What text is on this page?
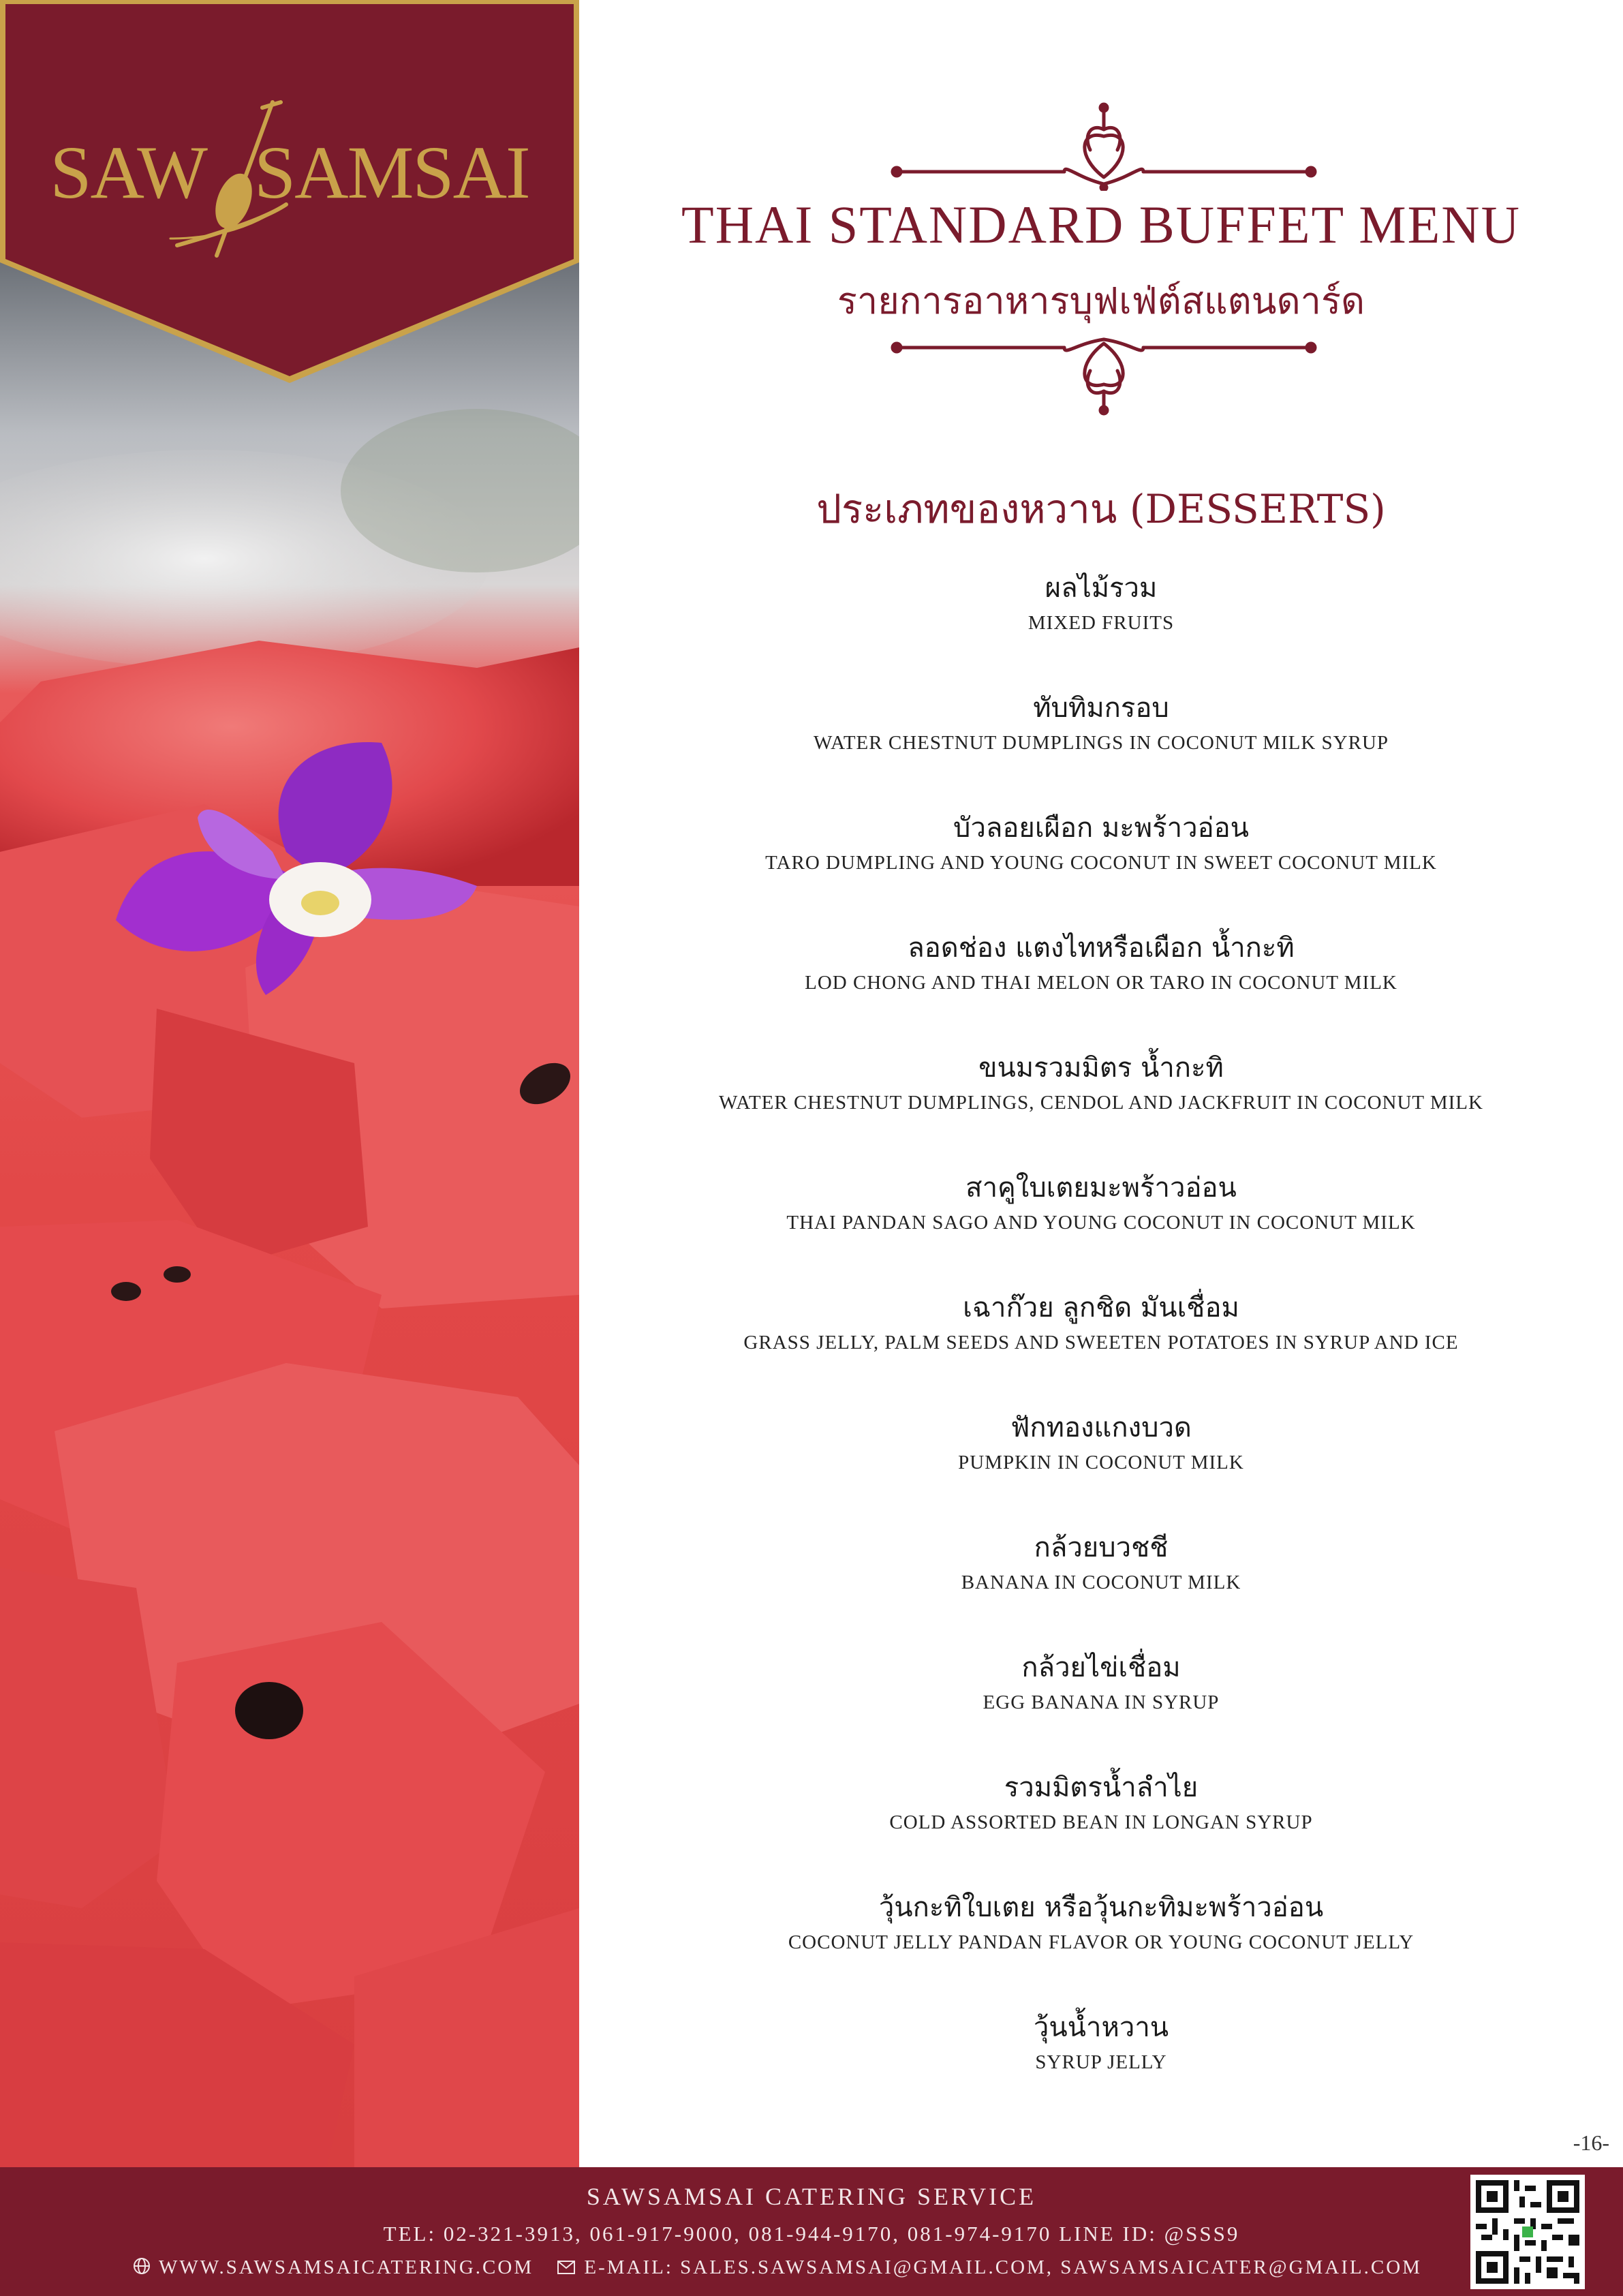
SAW SAMSAI
THAI STANDARD BUFFET MENU
รายการอาหารบุฟเฟ่ต์สแตนดาร์ด
ประเภทของหวาน (DESSERTS)
ผลไม้รวม
MIXED FRUITS
ทับทิมกรอบ
WATER CHESTNUT DUMPLINGS IN COCONUT MILK SYRUP
บัวลอยเผือก มะพร้าวอ่อน
TARO DUMPLING AND YOUNG COCONUT IN SWEET COCONUT MILK
ลอดช่อง แตงไทหรือเผือก น้ำกะทิ
LOD CHONG AND THAI MELON OR TARO IN COCONUT MILK
ขนมรวมมิตร น้ำกะทิ
WATER CHESTNUT DUMPLINGS, CENDOL AND JACKFRUIT IN COCONUT MILK
สาคูใบเตยมะพร้าวอ่อน
THAI PANDAN SAGO AND YOUNG COCONUT IN COCONUT MILK
เฉาก๊วย ลูกชิด มันเชื่อม
GRASS JELLY, PALM SEEDS AND SWEETEN POTATOES IN SYRUP AND ICE
ฟักทองแกงบวด
PUMPKIN IN COCONUT MILK
กล้วยบวชชี
BANANA IN COCONUT MILK
กล้วยไข่เชื่อม
EGG BANANA IN SYRUP
รวมมิตรน้ำลำไย
COLD ASSORTED BEAN IN LONGAN SYRUP
วุ้นกะทิใบเตย หรือวุ้นกะทิมะพร้าวอ่อน
COCONUT JELLY PANDAN FLAVOR OR YOUNG COCONUT JELLY
วุ้นน้ำหวาน
SYRUP JELLY
-16-
SAWSAMSAI CATERING SERVICE
TEL: 02-321-3913, 061-917-9000, 081-944-9170, 081-974-9170 LINE ID: @SSS9
WWW.SAWSAMSAICATERING.COM	E-MAIL: SALES.SAWSAMSAI@GMAIL.COM, SAWSAMSAICATER@GMAIL.COM
